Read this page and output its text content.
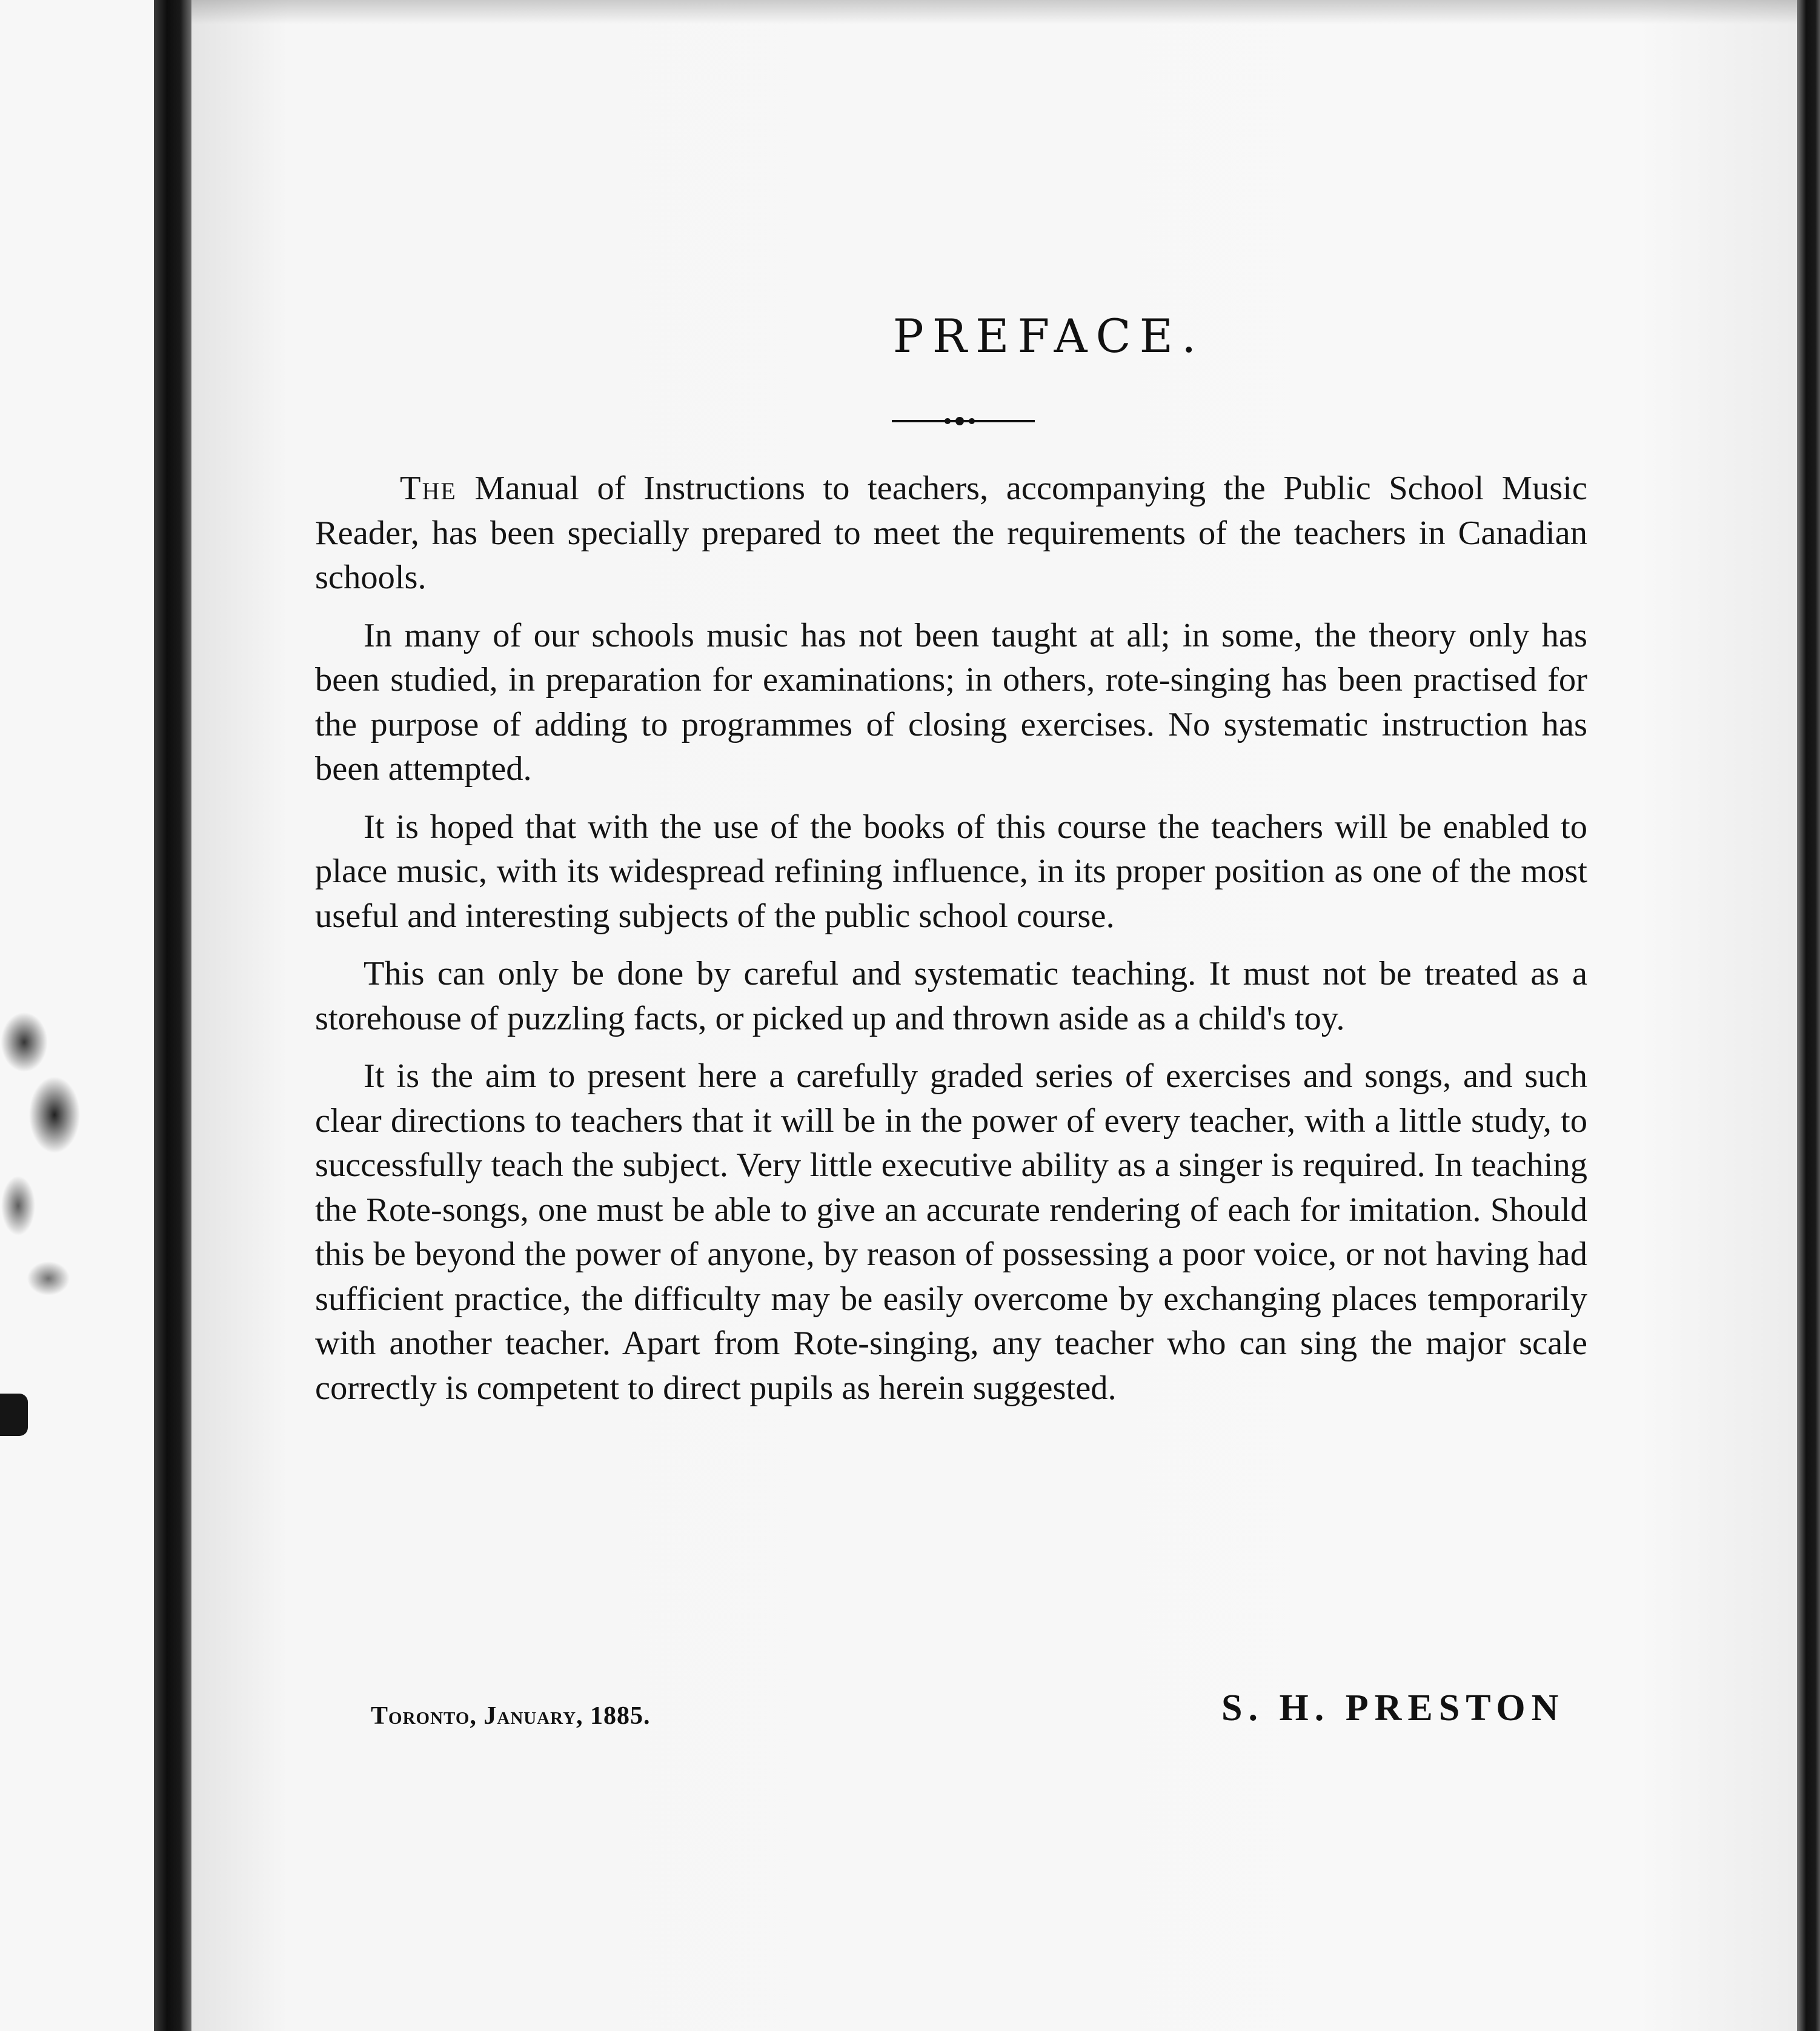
PREFACE.

The Manual of Instructions to teachers, accompanying the Public School Music Reader, has been specially prepared to meet the requirements of the teachers in Canadian schools.

In many of our schools music has not been taught at all; in some, the theory only has been studied, in preparation for examinations; in others, rote-singing has been practised for the purpose of adding to programmes of closing exercises. No systematic instruction has been attempted.

It is hoped that with the use of the books of this course the teachers will be enabled to place music, with its widespread refining influence, in its proper position as one of the most useful and interesting subjects of the public school course.

This can only be done by careful and systematic teaching. It must not be treated as a storehouse of puzzling facts, or picked up and thrown aside as a child's toy.

It is the aim to present here a carefully graded series of exercises and songs, and such clear directions to teachers that it will be in the power of every teacher, with a little study, to successfully teach the subject. Very little executive ability as a singer is required. In teaching the Rote-songs, one must be able to give an accurate rendering of each for imitation. Should this be beyond the power of anyone, by reason of possessing a poor voice, or not having had sufficient practice, the difficulty may be easily overcome by exchanging places temporarily with another teacher. Apart from Rote-singing, any teacher who can sing the major scale correctly is competent to direct pupils as herein suggested.

Toronto, January, 1885.	S. H. PRESTON
